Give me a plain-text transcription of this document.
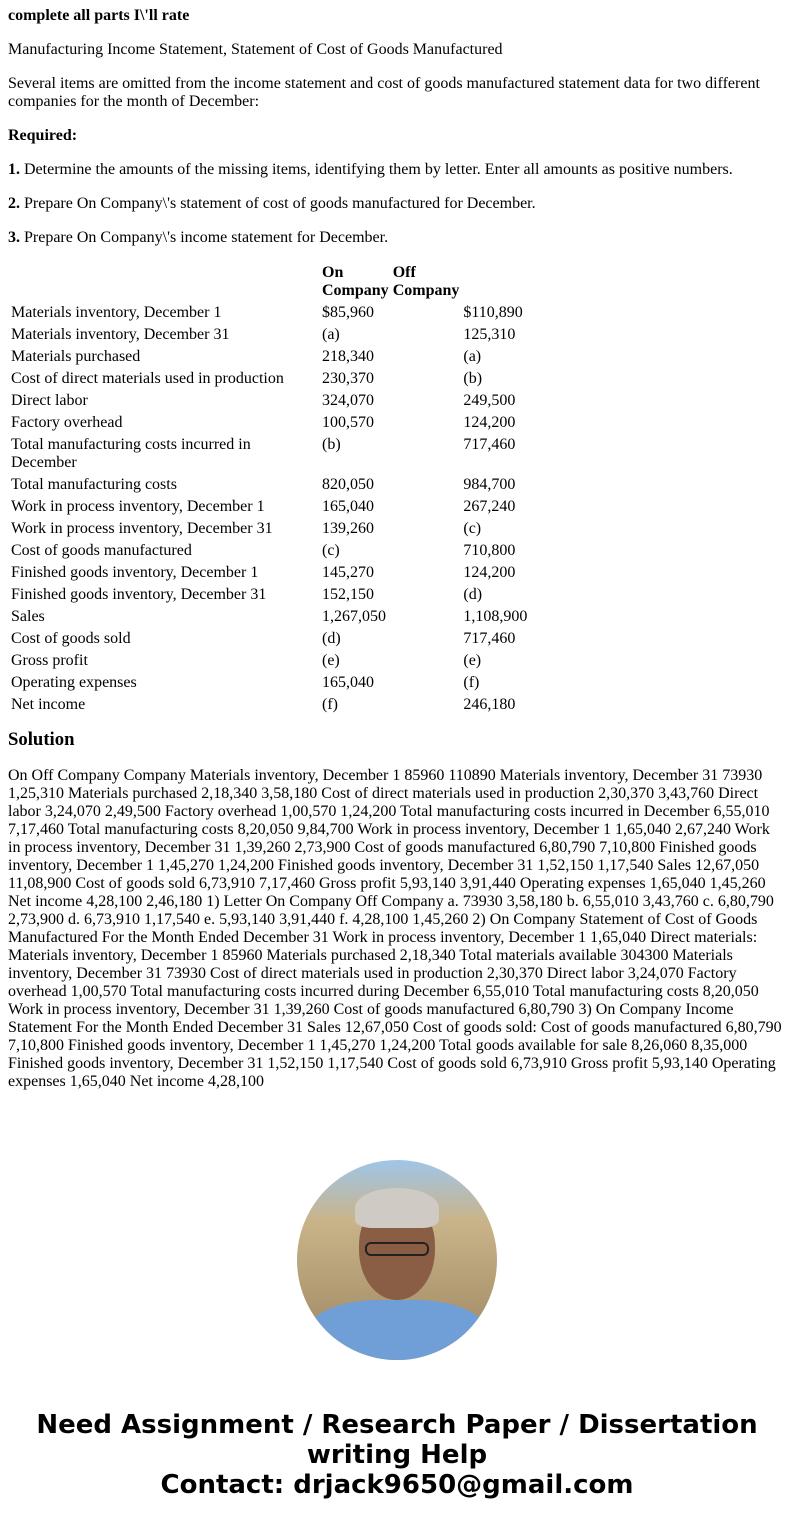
complete all parts I\'ll rate

Manufacturing Income Statement, Statement of Cost of Goods Manufactured

Several items are omitted from the income statement and cost of goods manufactured statement data for two different companies for the month of December:

Required:

1. Determine the amounts of the missing items, identifying them by letter. Enter all amounts as positive numbers.

2. Prepare On Company\'s statement of cost of goods manufactured for December.

3. Prepare On Company\'s income statement for December.

	On Company	Off Company	
Materials inventory, December 1	$85,960		$110,890
Materials inventory, December 31	(a)		125,310
Materials purchased	218,340		(a)
Cost of direct materials used in production	230,370		(b)
Direct labor	324,070		249,500
Factory overhead	100,570		124,200
Total manufacturing costs incurred in December	(b)		717,460
Total manufacturing costs	820,050		984,700
Work in process inventory, December 1	165,040		267,240
Work in process inventory, December 31	139,260		(c)
Cost of goods manufactured	(c)		710,800
Finished goods inventory, December 1	145,270		124,200
Finished goods inventory, December 31	152,150		(d)
Sales	1,267,050		1,108,900
Cost of goods sold	(d)		717,460
Gross profit	(e)		(e)
Operating expenses	165,040		(f)
Net income	(f)		246,180
Solution
On Off Company Company Materials inventory, December 1 85960 110890 Materials inventory, December 31 73930 1,25,310 Materials purchased 2,18,340 3,58,180 Cost of direct materials used in production 2,30,370 3,43,760 Direct labor 3,24,070 2,49,500 Factory overhead 1,00,570 1,24,200 Total manufacturing costs incurred in December 6,55,010 7,17,460 Total manufacturing costs 8,20,050 9,84,700 Work in process inventory, December 1 1,65,040 2,67,240 Work in process inventory, December 31 1,39,260 2,73,900 Cost of goods manufactured 6,80,790 7,10,800 Finished goods inventory, December 1 1,45,270 1,24,200 Finished goods inventory, December 31 1,52,150 1,17,540 Sales 12,67,050 11,08,900 Cost of goods sold 6,73,910 7,17,460 Gross profit 5,93,140 3,91,440 Operating expenses 1,65,040 1,45,260 Net income 4,28,100 2,46,180 1) Letter On Company Off Company a. 73930 3,58,180 b. 6,55,010 3,43,760 c. 6,80,790 2,73,900 d. 6,73,910 1,17,540 e. 5,93,140 3,91,440 f. 4,28,100 1,45,260 2) On Company Statement of Cost of Goods Manufactured For the Month Ended December 31 Work in process inventory, December 1 1,65,040 Direct materials: Materials inventory, December 1 85960 Materials purchased 2,18,340 Total materials available 304300 Materials inventory, December 31 73930 Cost of direct materials used in production 2,30,370 Direct labor 3,24,070 Factory overhead 1,00,570 Total manufacturing costs incurred during December 6,55,010 Total manufacturing costs 8,20,050 Work in process inventory, December 31 1,39,260 Cost of goods manufactured 6,80,790 3) On Company Income Statement For the Month Ended December 31 Sales 12,67,050 Cost of goods sold: Cost of goods manufactured 6,80,790 7,10,800 Finished goods inventory, December 1 1,45,270 1,24,200 Total goods available for sale 8,26,060 8,35,000 Finished goods inventory, December 31 1,52,150 1,17,540 Cost of goods sold 6,73,910 Gross profit 5,93,140 Operating expenses 1,65,040 Net income 4,28,100
Need Assignment / Research Paper / Dissertation writing Help
Contact: drjack9650@gmail.com
